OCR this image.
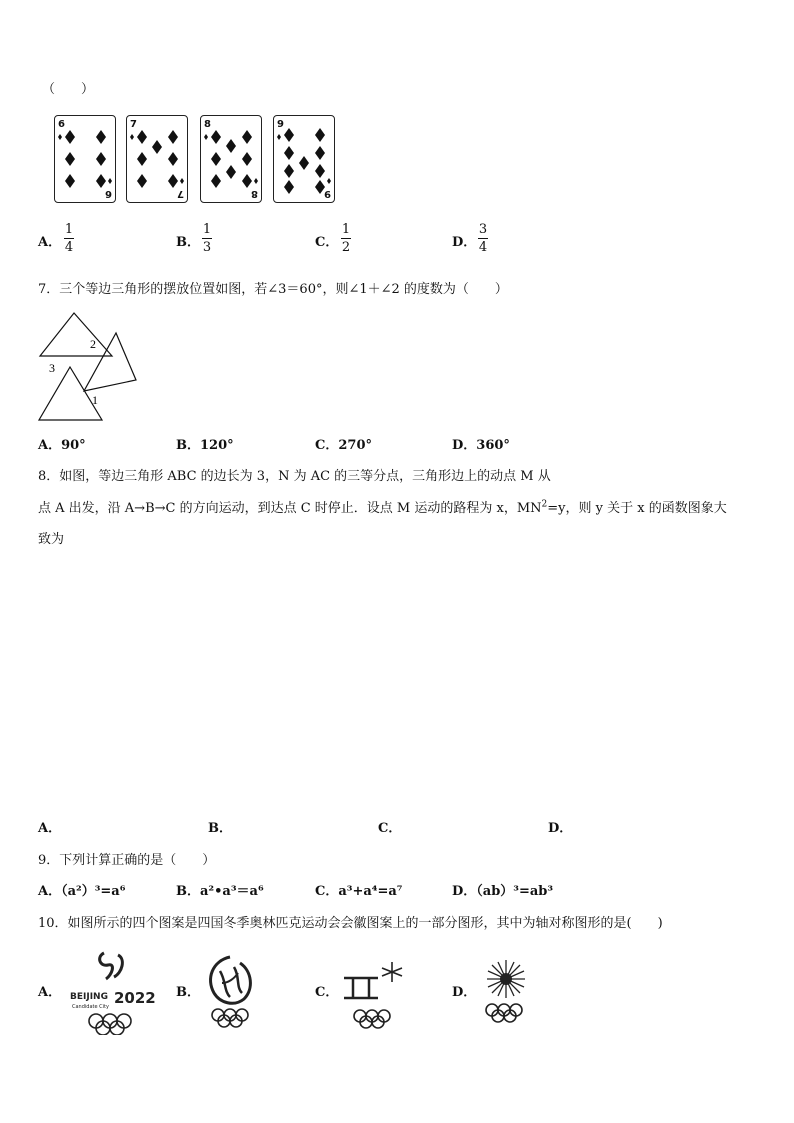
（　　）
6
6
7
7
8
8
9
9
A．
1
4	B．
1
3	C．
1
2	D．
3
4
7．三个等边三角形的摆放位置如图，若∠3＝60°，则∠1＋∠2 的度数为（　　）
2
3
1
A．90°	B．120°	C．270°	D．360°
8．如图，等边三角形 ABC 的边长为 3，N 为 AC 的三等分点，三角形边上的动点 M 从
点 A 出发，沿 A→B→C 的方向运动，到达点 C 时停止．设点 M 运动的路程为 x，$MN^2=y$，则 y 关于 x 的函数图象大
致为
A．	B．	C．	D．
9．下列计算正确的是（　　）
A．（a²）³=a⁶	B．a²•a³＝a⁶	C．a³+a⁴=a⁷	D．（ab）³=ab³
10．如图所示的四个图案是四国冬季奥林匹克运动会会徽图案上的一部分图形，其中为轴对称图形的是(　　)
A． BEIJING 2022
Candidate City
B．	C．	D．
